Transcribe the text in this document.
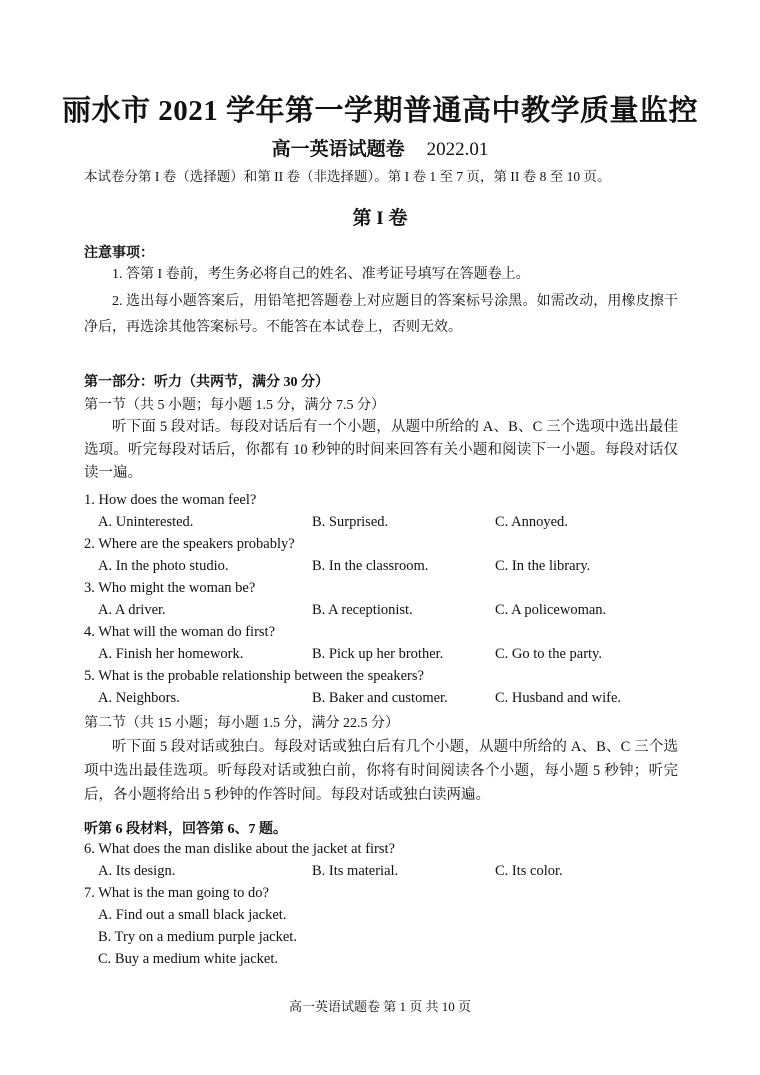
丽水市 2021 学年第一学期普通高中教学质量监控
高一英语试题卷 2022.01
本试卷分第 I 卷（选择题）和第 II 卷（非选择题）。第 I 卷 1 至 7 页，第 II 卷 8 至 10 页。
第 I 卷
注意事项：
1. 答第 I 卷前，考生务必将自己的姓名、准考证号填写在答题卷上。
2. 选出每小题答案后，用铅笔把答题卷上对应题目的答案标号涂黑。如需改动，用橡皮擦干净后，再选涂其他答案标号。不能答在本试卷上，否则无效。
第一部分：听力（共两节，满分 30 分）
第一节（共 5 小题；每小题 1.5 分，满分 7.5 分）
听下面 5 段对话。每段对话后有一个小题，从题中所给的 A、B、C 三个选项中选出最佳选项。听完每段对话后，你都有 10 秒钟的时间来回答有关小题和阅读下一小题。每段对话仅读一遍。
1. How does the woman feel?
A. Uninterested.	B. Surprised.	C. Annoyed.
2. Where are the speakers probably?
A. In the photo studio.	B. In the classroom.	C. In the library.
3. Who might the woman be?
A. A driver.	B. A receptionist.	C. A policewoman.
4. What will the woman do first?
A. Finish her homework.	B. Pick up her brother.	C. Go to the party.
5. What is the probable relationship between the speakers?
A. Neighbors.	B. Baker and customer.	C. Husband and wife.
第二节（共 15 小题；每小题 1.5 分，满分 22.5 分）
听下面 5 段对话或独白。每段对话或独白后有几个小题，从题中所给的 A、B、C 三个选项中选出最佳选项。听每段对话或独白前，你将有时间阅读各个小题，每小题 5 秒钟；听完后，各小题将给出 5 秒钟的作答时间。每段对话或独白读两遍。
听第 6 段材料，回答第 6、7 题。
6. What does the man dislike about the jacket at first?
A. Its design.	B. Its material.	C. Its color.
7. What is the man going to do?
A. Find out a small black jacket.
B. Try on a medium purple jacket.
C. Buy a medium white jacket.
高一英语试题卷 第 1 页 共 10 页
